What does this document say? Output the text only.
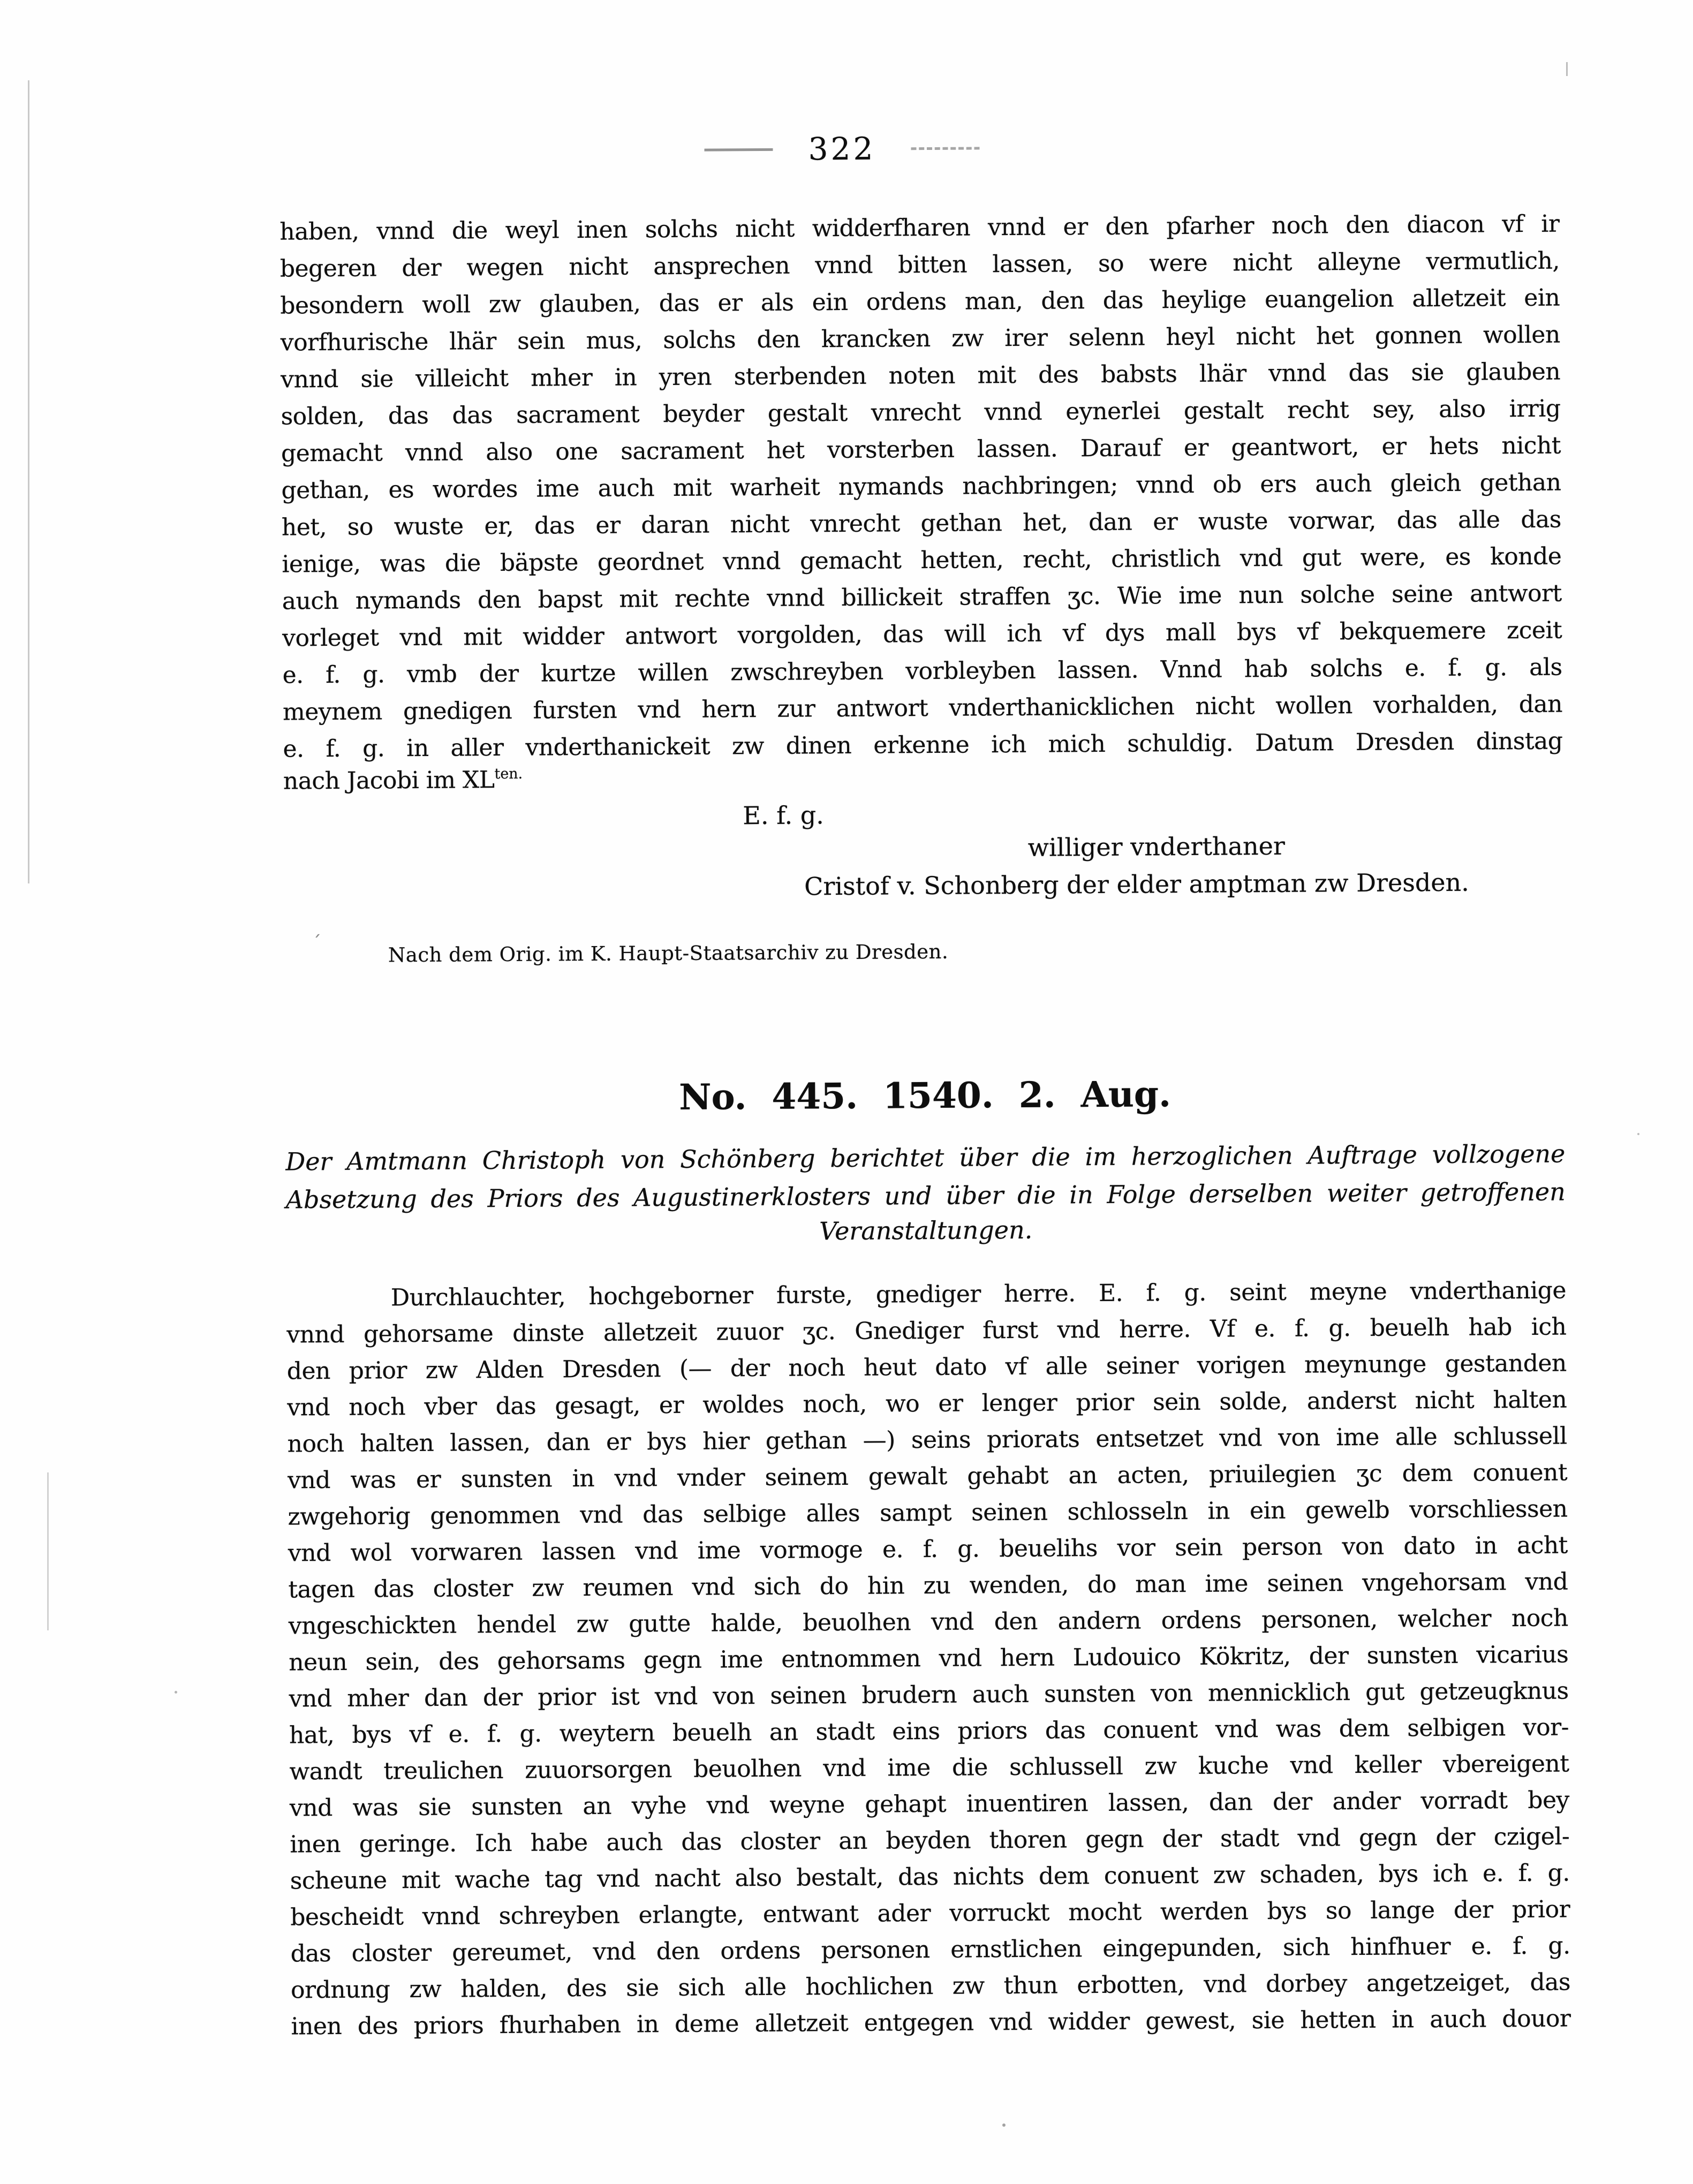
ˏ
322
haben, vnnd die weyl inen solchs nicht widderfharen vnnd er den pfarher noch den diacon vf ir
begeren der wegen nicht ansprechen vnnd bitten lassen, so were nicht alleyne vermutlich,
besondern woll zw glauben, das er als ein ordens man, den das heylige euangelion alletzeit ein
vorfhurische lhär sein mus, solchs den krancken zw irer selenn heyl nicht het gonnen wollen
vnnd sie villeicht mher in yren sterbenden noten mit des babsts lhär vnnd das sie glauben
solden, das das sacrament beyder gestalt vnrecht vnnd eynerlei gestalt recht sey, also irrig
gemacht vnnd also one sacrament het vorsterben lassen. Darauf er geantwort, er hets nicht
gethan, es wordes ime auch mit warheit nymands nachbringen; vnnd ob ers auch gleich gethan
het, so wuste er, das er daran nicht vnrecht gethan het, dan er wuste vorwar, das alle das
ienige, was die bäpste geordnet vnnd gemacht hetten, recht, christlich vnd gut were, es konde
auch nymands den bapst mit rechte vnnd billickeit straffen ʒc. Wie ime nun solche seine antwort
vorleget vnd mit widder antwort vorgolden, das will ich vf dys mall bys vf bekquemere zceit
e. f. g. vmb der kurtze willen zwschreyben vorbleyben lassen. Vnnd hab solchs e. f. g. als
meynem gnedigen fursten vnd hern zur antwort vnderthanicklichen nicht wollen vorhalden, dan
e. f. g. in aller vnderthanickeit zw dinen erkenne ich mich schuldig. Datum Dresden dinstag
nach Jacobi im $XL^{ten.}$
E. f. g.
williger vnderthaner
Cristof v. Schonberg der elder amptman zw Dresden.
Nach dem Orig. im K. Haupt-Staatsarchiv zu Dresden.
No. 445. 1540. 2. Aug.
Der Amtmann Christoph von Schönberg berichtet über die im herzoglichen Auftrage vollzogene
Absetzung des Priors des Augustinerklosters und über die in Folge derselben weiter getroffenen
Veranstaltungen.
Durchlauchter, hochgeborner furste, gnediger herre. E. f. g. seint meyne vnderthanige
vnnd gehorsame dinste alletzeit zuuor ʒc. Gnediger furst vnd herre. Vf e. f. g. beuelh hab ich
den prior zw Alden Dresden (— der noch heut dato vf alle seiner vorigen meynunge gestanden
vnd noch vber das gesagt, er woldes noch, wo er lenger prior sein solde, anderst nicht halten
noch halten lassen, dan er bys hier gethan —) seins priorats entsetzet vnd von ime alle schlussell
vnd was er sunsten in vnd vnder seinem gewalt gehabt an acten, priuilegien ʒc dem conuent
zwgehorig genommen vnd das selbige alles sampt seinen schlosseln in ein gewelb vorschliessen
vnd wol vorwaren lassen vnd ime vormoge e. f. g. beuelihs vor sein person von dato in acht
tagen das closter zw reumen vnd sich do hin zu wenden, do man ime seinen vngehorsam vnd
vngeschickten hendel zw gutte halde, beuolhen vnd den andern ordens personen, welcher noch
neun sein, des gehorsams gegn ime entnommen vnd hern Ludouico Kökritz, der sunsten vicarius
vnd mher dan der prior ist vnd von seinen brudern auch sunsten von mennicklich gut getzeugknus
hat, bys vf e. f. g. weytern beuelh an stadt eins priors das conuent vnd was dem selbigen vor-
wandt treulichen zuuorsorgen beuolhen vnd ime die schlussell zw kuche vnd keller vbereigent
vnd was sie sunsten an vyhe vnd weyne gehapt inuentiren lassen, dan der ander vorradt bey
inen geringe. Ich habe auch das closter an beyden thoren gegn der stadt vnd gegn der czigel-
scheune mit wache tag vnd nacht also bestalt, das nichts dem conuent zw schaden, bys ich e. f. g.
bescheidt vnnd schreyben erlangte, entwant ader vorruckt mocht werden bys so lange der prior
das closter gereumet, vnd den ordens personen ernstlichen eingepunden, sich hinfhuer e. f. g.
ordnung zw halden, des sie sich alle hochlichen zw thun erbotten, vnd dorbey angetzeiget, das
inen des priors fhurhaben in deme alletzeit entgegen vnd widder gewest, sie hetten in auch douor
